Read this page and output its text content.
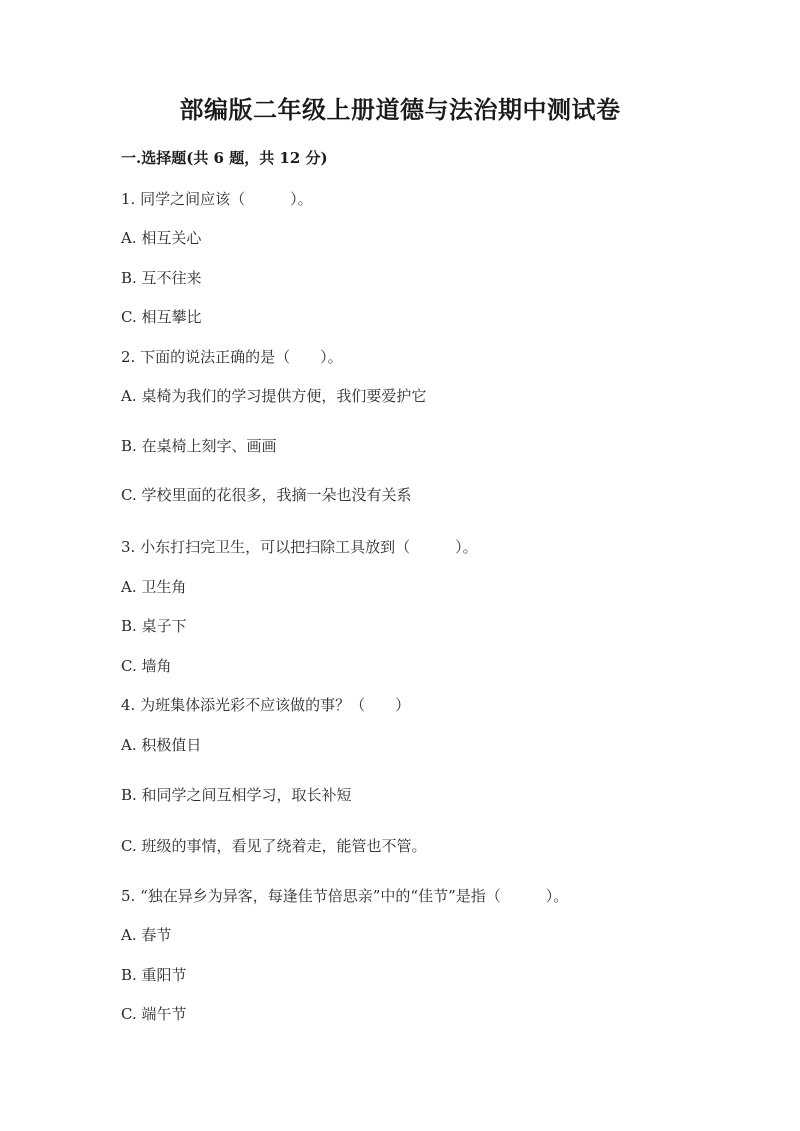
部编版二年级上册道德与法治期中测试卷
一.选择题(共 6 题，共 12 分)
1. 同学之间应该（　　　）。
A. 相互关心
B. 互不往来
C. 相互攀比
2. 下面的说法正确的是（　　）。
A. 桌椅为我们的学习提供方便，我们要爱护它
B. 在桌椅上刻字、画画
C. 学校里面的花很多，我摘一朵也没有关系
3. 小东打扫完卫生，可以把扫除工具放到（　　　）。
A. 卫生角
B. 桌子下
C. 墙角
4. 为班集体添光彩不应该做的事？（　　）
A. 积极值日
B. 和同学之间互相学习，取长补短
C. 班级的事情，看见了绕着走，能管也不管。
5. “独在异乡为异客，每逢佳节倍思亲”中的“佳节”是指（　　　）。
A. 春节
B. 重阳节
C. 端午节
